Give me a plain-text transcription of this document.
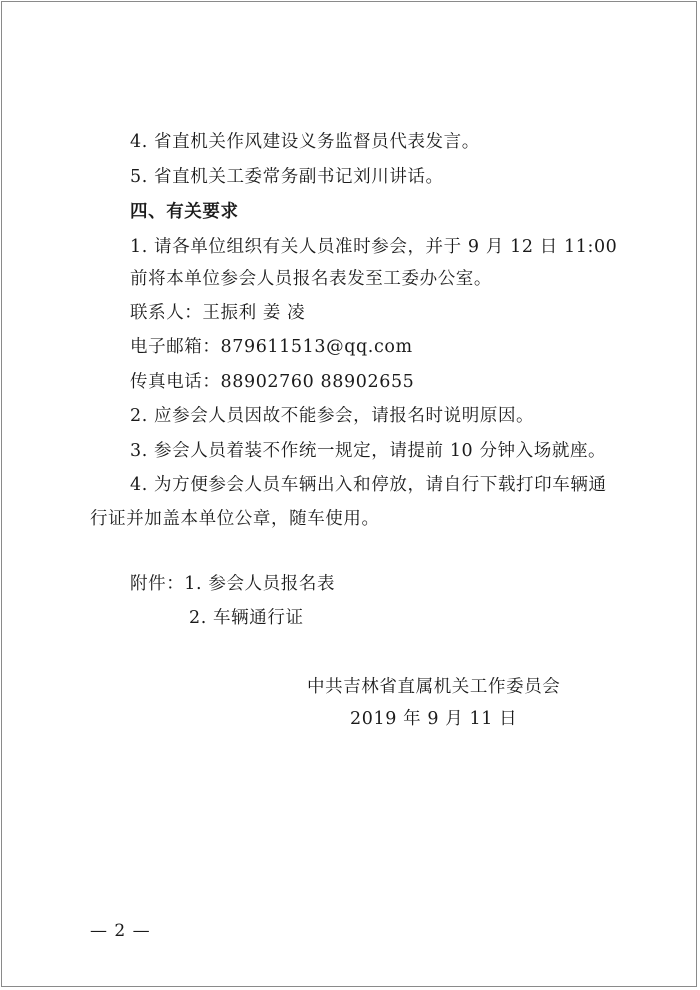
4. 省直机关作风建设义务监督员代表发言。
5. 省直机关工委常务副书记刘川讲话。
四、有关要求
1. 请各单位组织有关人员准时参会，并于 9 月 12 日 11:00
前将本单位参会人员报名表发至工委办公室。
联系人：王振利 姜 凌
电子邮箱：879611513@qq.com
传真电话：88902760 88902655
2. 应参会人员因故不能参会，请报名时说明原因。
3. 参会人员着装不作统一规定，请提前 10 分钟入场就座。
4. 为方便参会人员车辆出入和停放，请自行下载打印车辆通
行证并加盖本单位公章，随车使用。
附件：1. 参会人员报名表
2. 车辆通行证
中共吉林省直属机关工作委员会
2019 年 9 月 11 日
— 2 —
